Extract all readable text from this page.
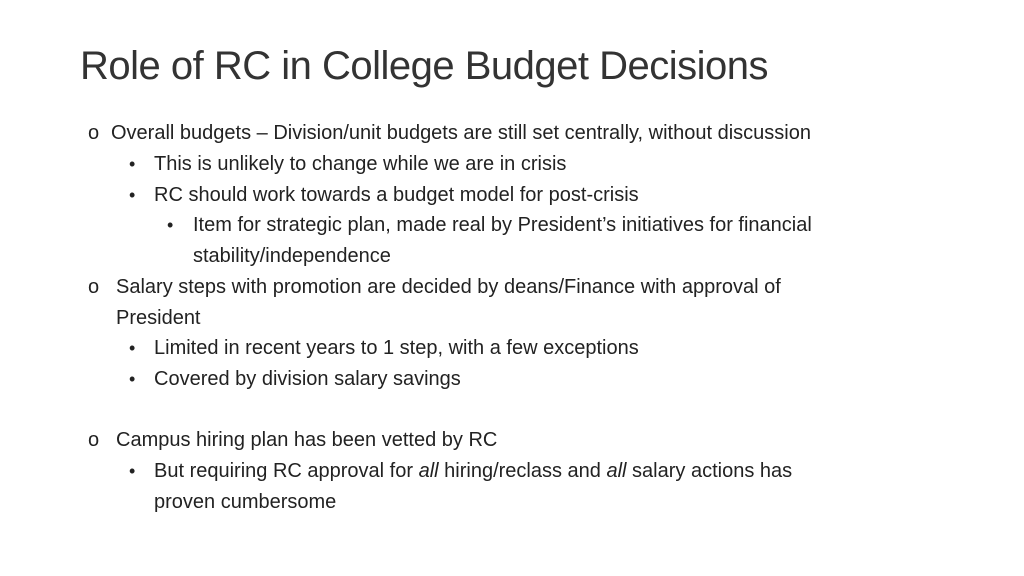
Role of RC in College Budget Decisions
o Overall budgets – Division/unit budgets are still set centrally, without discussion
• This is unlikely to change while we are in crisis
• RC should work towards a budget model for post-crisis
• Item for strategic plan, made real by President’s initiatives for financial
stability/independence
o Salary steps with promotion are decided by deans/Finance with approval of
President
• Limited in recent years to 1 step, with a few exceptions
• Covered by division salary savings
o Campus hiring plan has been vetted by RC
• But requiring RC approval for all hiring/reclass and all salary actions has
proven cumbersome
